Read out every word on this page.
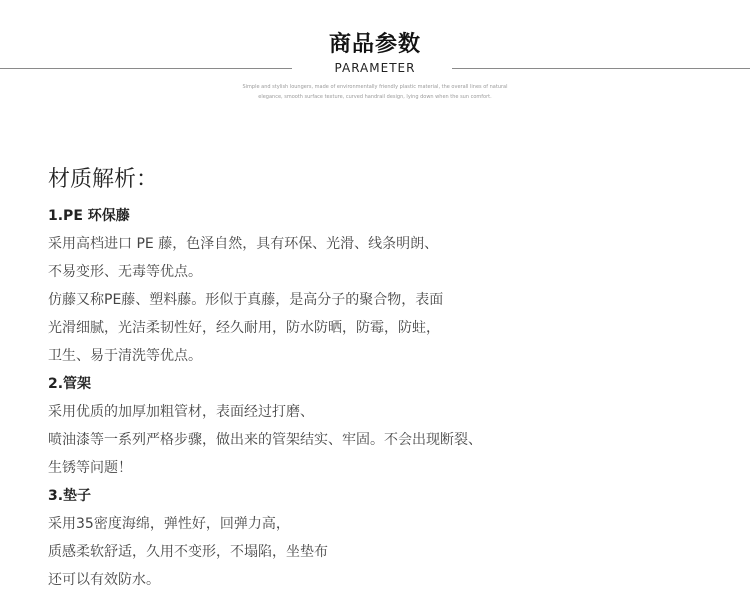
商品参数
PARAMETER
Simple and stylish loungers, made of environmentally friendly plastic material, the overall lines of natural
elegance, smooth surface texture, curved handrail design, lying down when the sun comfort.
材质解析：
1.PE 环保藤
采用高档进口 PE 藤，色泽自然，具有环保、光滑、线条明朗、
不易变形、无毒等优点。
仿藤又称PE藤、塑料藤。形似于真藤，是高分子的聚合物，表面
光滑细腻，光洁柔韧性好，经久耐用，防水防晒，防霉，防蛀，
卫生、易于清洗等优点。
2.管架
采用优质的加厚加粗管材，表面经过打磨、
喷油漆等一系列严格步骤，做出来的管架结实、牢固。不会出现断裂、
生锈等问题！
3.垫子
采用35密度海绵，弹性好，回弹力高，
质感柔软舒适，久用不变形，不塌陷，坐垫布
还可以有效防水。
